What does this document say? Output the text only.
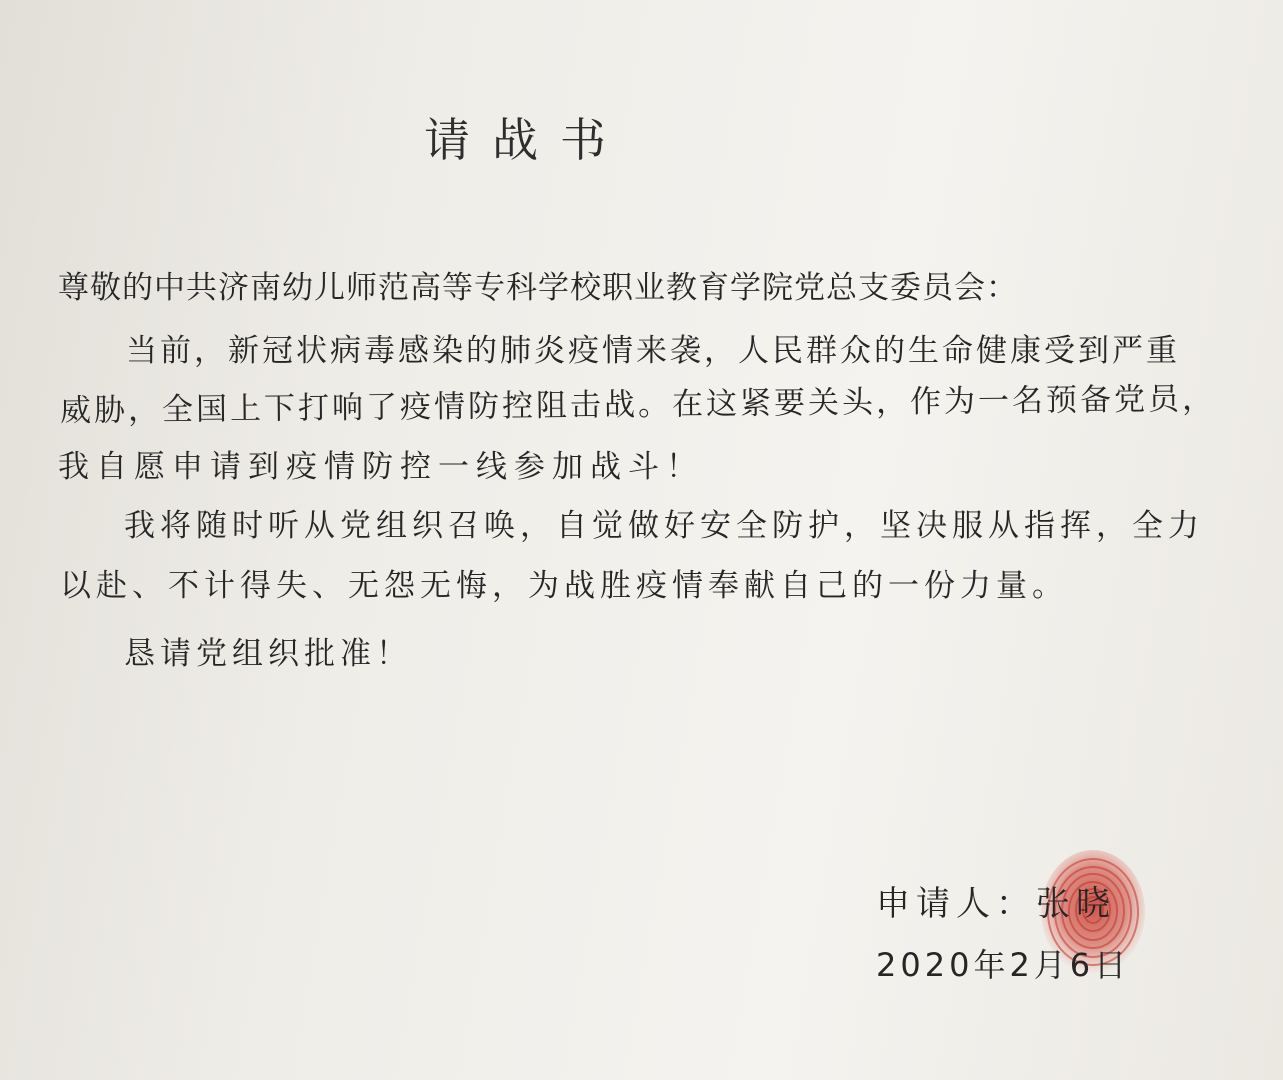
请战书
尊敬的中共济南幼儿师范高等专科学校职业教育学院党总支委员会：
当前，新冠状病毒感染的肺炎疫情来袭，人民群众的生命健康受到严重
威胁，全国上下打响了疫情防控阻击战。在这紧要关头，作为一名预备党员，
我自愿申请到疫情防控一线参加战斗！
我将随时听从党组织召唤，自觉做好安全防护，坚决服从指挥，全力
以赴、不计得失、无怨无悔，为战胜疫情奉献自己的一份力量。
恳请党组织批准！
申请人：张晓
2020年2月6日
